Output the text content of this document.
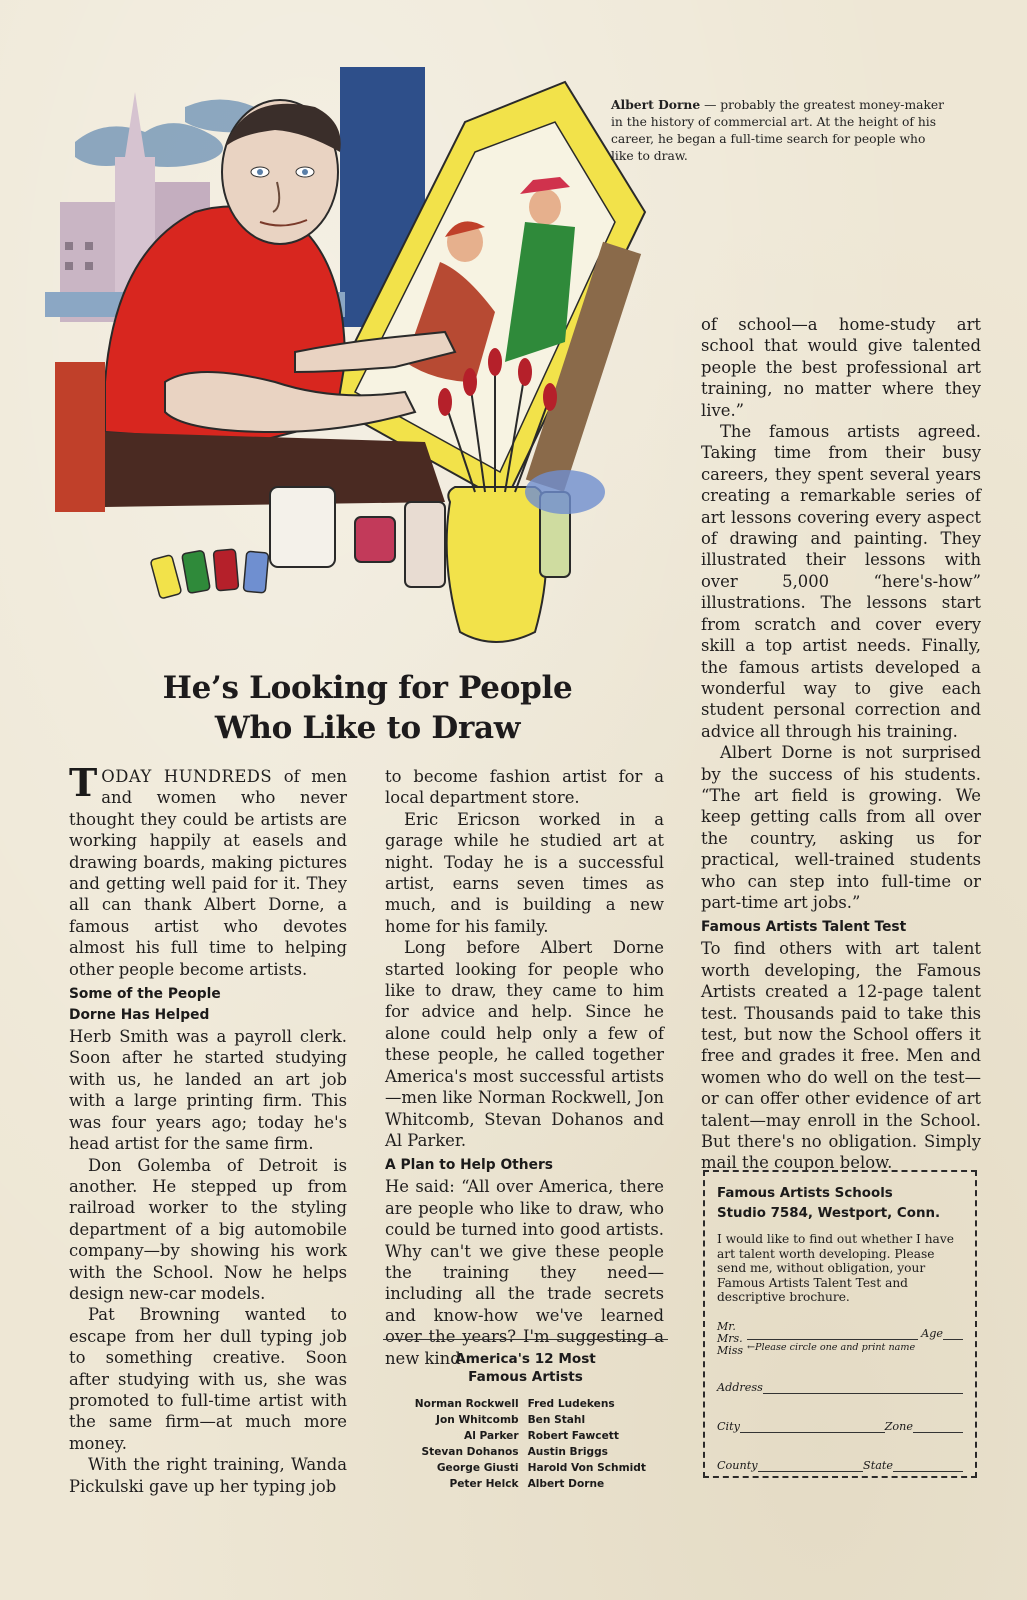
Albert Dorne — probably the greatest money-maker in the history of commercial art. At the height of his career, he began a full-time search for people who like to draw.
He’s Looking for People
Who Like to Draw

TODAY HUNDREDS of men and women who never thought they could be artists are working happily at easels and drawing boards, making pictures and getting well paid for it. They all can thank Albert Dorne, a famous artist who devotes almost his full time to helping other people become artists.

Some of the People
Dorne Has Helped

Herb Smith was a payroll clerk. Soon after he started studying with us, he landed an art job with a large printing firm. This was four years ago; today he's head artist for the same firm.

Don Golemba of Detroit is another. He stepped up from railroad worker to the styling department of a big automobile company—by showing his work with the School. Now he helps design new-car models.

Pat Browning wanted to escape from her dull typing job to something creative. Soon after studying with us, she was promoted to full-time artist with the same firm—at much more money.

With the right training, Wanda Pickulski gave up her typing job

to become fashion artist for a local department store.

Eric Ericson worked in a garage while he studied art at night. Today he is a successful artist, earns seven times as much, and is building a new home for his family.

Long before Albert Dorne started looking for people who like to draw, they came to him for advice and help. Since he alone could help only a few of these people, he called together America's most successful artists —men like Norman Rockwell, Jon Whitcomb, Stevan Dohanos and Al Parker.

A Plan to Help Others

He said: “All over America, there are people who like to draw, who could be turned into good artists. Why can't we give these people the training they need—including all the trade secrets and know-how we've learned over the years? I'm suggesting a new kind

America's 12 Most
Famous Artists
Norman Rockwell
Jon Whitcomb
Al Parker
Stevan Dohanos
George Giusti
Peter Helck
Fred Ludekens
Ben Stahl
Robert Fawcett
Austin Briggs
Harold Von Schmidt
Albert Dorne

of school—a home-study art school that would give talented people the best professional art training, no matter where they live.”

The famous artists agreed. Taking time from their busy careers, they spent several years creating a remarkable series of art lessons covering every aspect of drawing and painting. They illustrated their lessons with over 5,000 “here's-how” illustrations. The lessons start from scratch and cover every skill a top artist needs. Finally, the famous artists developed a wonderful way to give each student personal correction and advice all through his training.

Albert Dorne is not surprised by the success of his students. “The art field is growing. We keep getting calls from all over the country, asking us for practical, well-trained students who can step into full-time or part-time art jobs.”

Famous Artists Talent Test

To find others with art talent worth developing, the Famous Artists created a 12-page talent test. Thousands paid to take this test, but now the School offers it free and grades it free. Men and women who do well on the test—or can offer other evidence of art talent—may enroll in the School. But there's no obligation. Simply mail the coupon below.

Famous Artists Schools
Studio 7584, Westport, Conn.
I would like to find out whether I have art talent worth developing. Please send me, without obligation, your Famous Artists Talent Test and descriptive brochure.
Mr.
Mrs.
Miss
Age
←Please circle one and print name
Address
City	Zone
County	State
